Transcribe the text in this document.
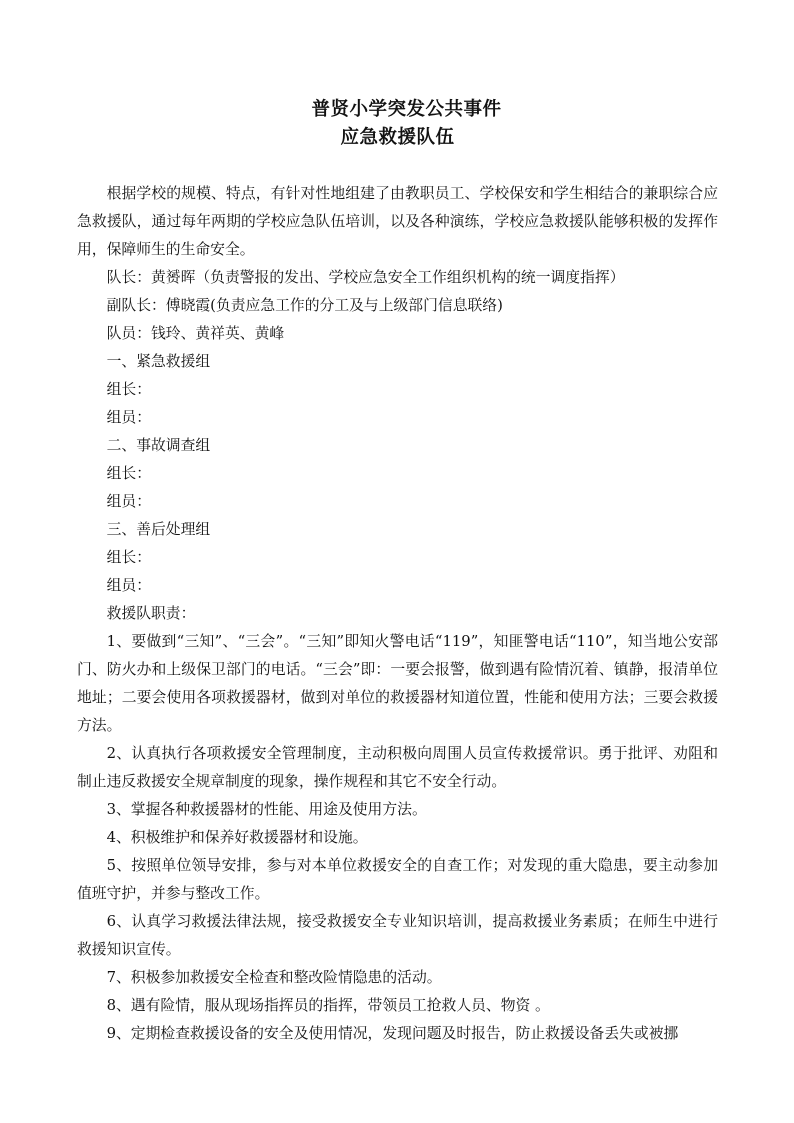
普贤小学突发公共事件
应急救援队伍
根据学校的规模、特点，有针对性地组建了由教职员工、学校保安和学生相结合的兼职综合应急救援队，通过每年两期的学校应急队伍培训，以及各种演练，学校应急救援队能够积极的发挥作用，保障师生的生命安全。
队长：黄赟晖（负责警报的发出、学校应急安全工作组织机构的统一调度指挥）
副队长：傅晓霞(负责应急工作的分工及与上级部门信息联络)
队员：钱玲、黄祥英、黄峰
一、紧急救援组
组长：
组员：
二、事故调查组
组长：
组员：
三、善后处理组
组长：
组员：
救援队职责：
1、要做到“三知”、“三会”。“三知”即知火警电话“119”，知匪警电话“110”，知当地公安部门、防火办和上级保卫部门的电话。“三会”即：一要会报警，做到遇有险情沉着、镇静，报清单位地址；二要会使用各项救援器材，做到对单位的救援器材知道位置，性能和使用方法；三要会救援方法。
2、认真执行各项救援安全管理制度，主动积极向周围人员宣传救援常识。勇于批评、劝阻和制止违反救援安全规章制度的现象，操作规程和其它不安全行动。
3、掌握各种救援器材的性能、用途及使用方法。
4、积极维护和保养好救援器材和设施。
5、按照单位领导安排，参与对本单位救援安全的自查工作；对发现的重大隐患，要主动参加值班守护，并参与整改工作。
6、认真学习救援法律法规，接受救援安全专业知识培训，提高救援业务素质；在师生中进行救援知识宣传。
7、积极参加救援安全检查和整改险情隐患的活动。
8、遇有险情，服从现场指挥员的指挥，带领员工抢救人员、物资 。
9、定期检查救援设备的安全及使用情况，发现问题及时报告，防止救援设备丢失或被挪
